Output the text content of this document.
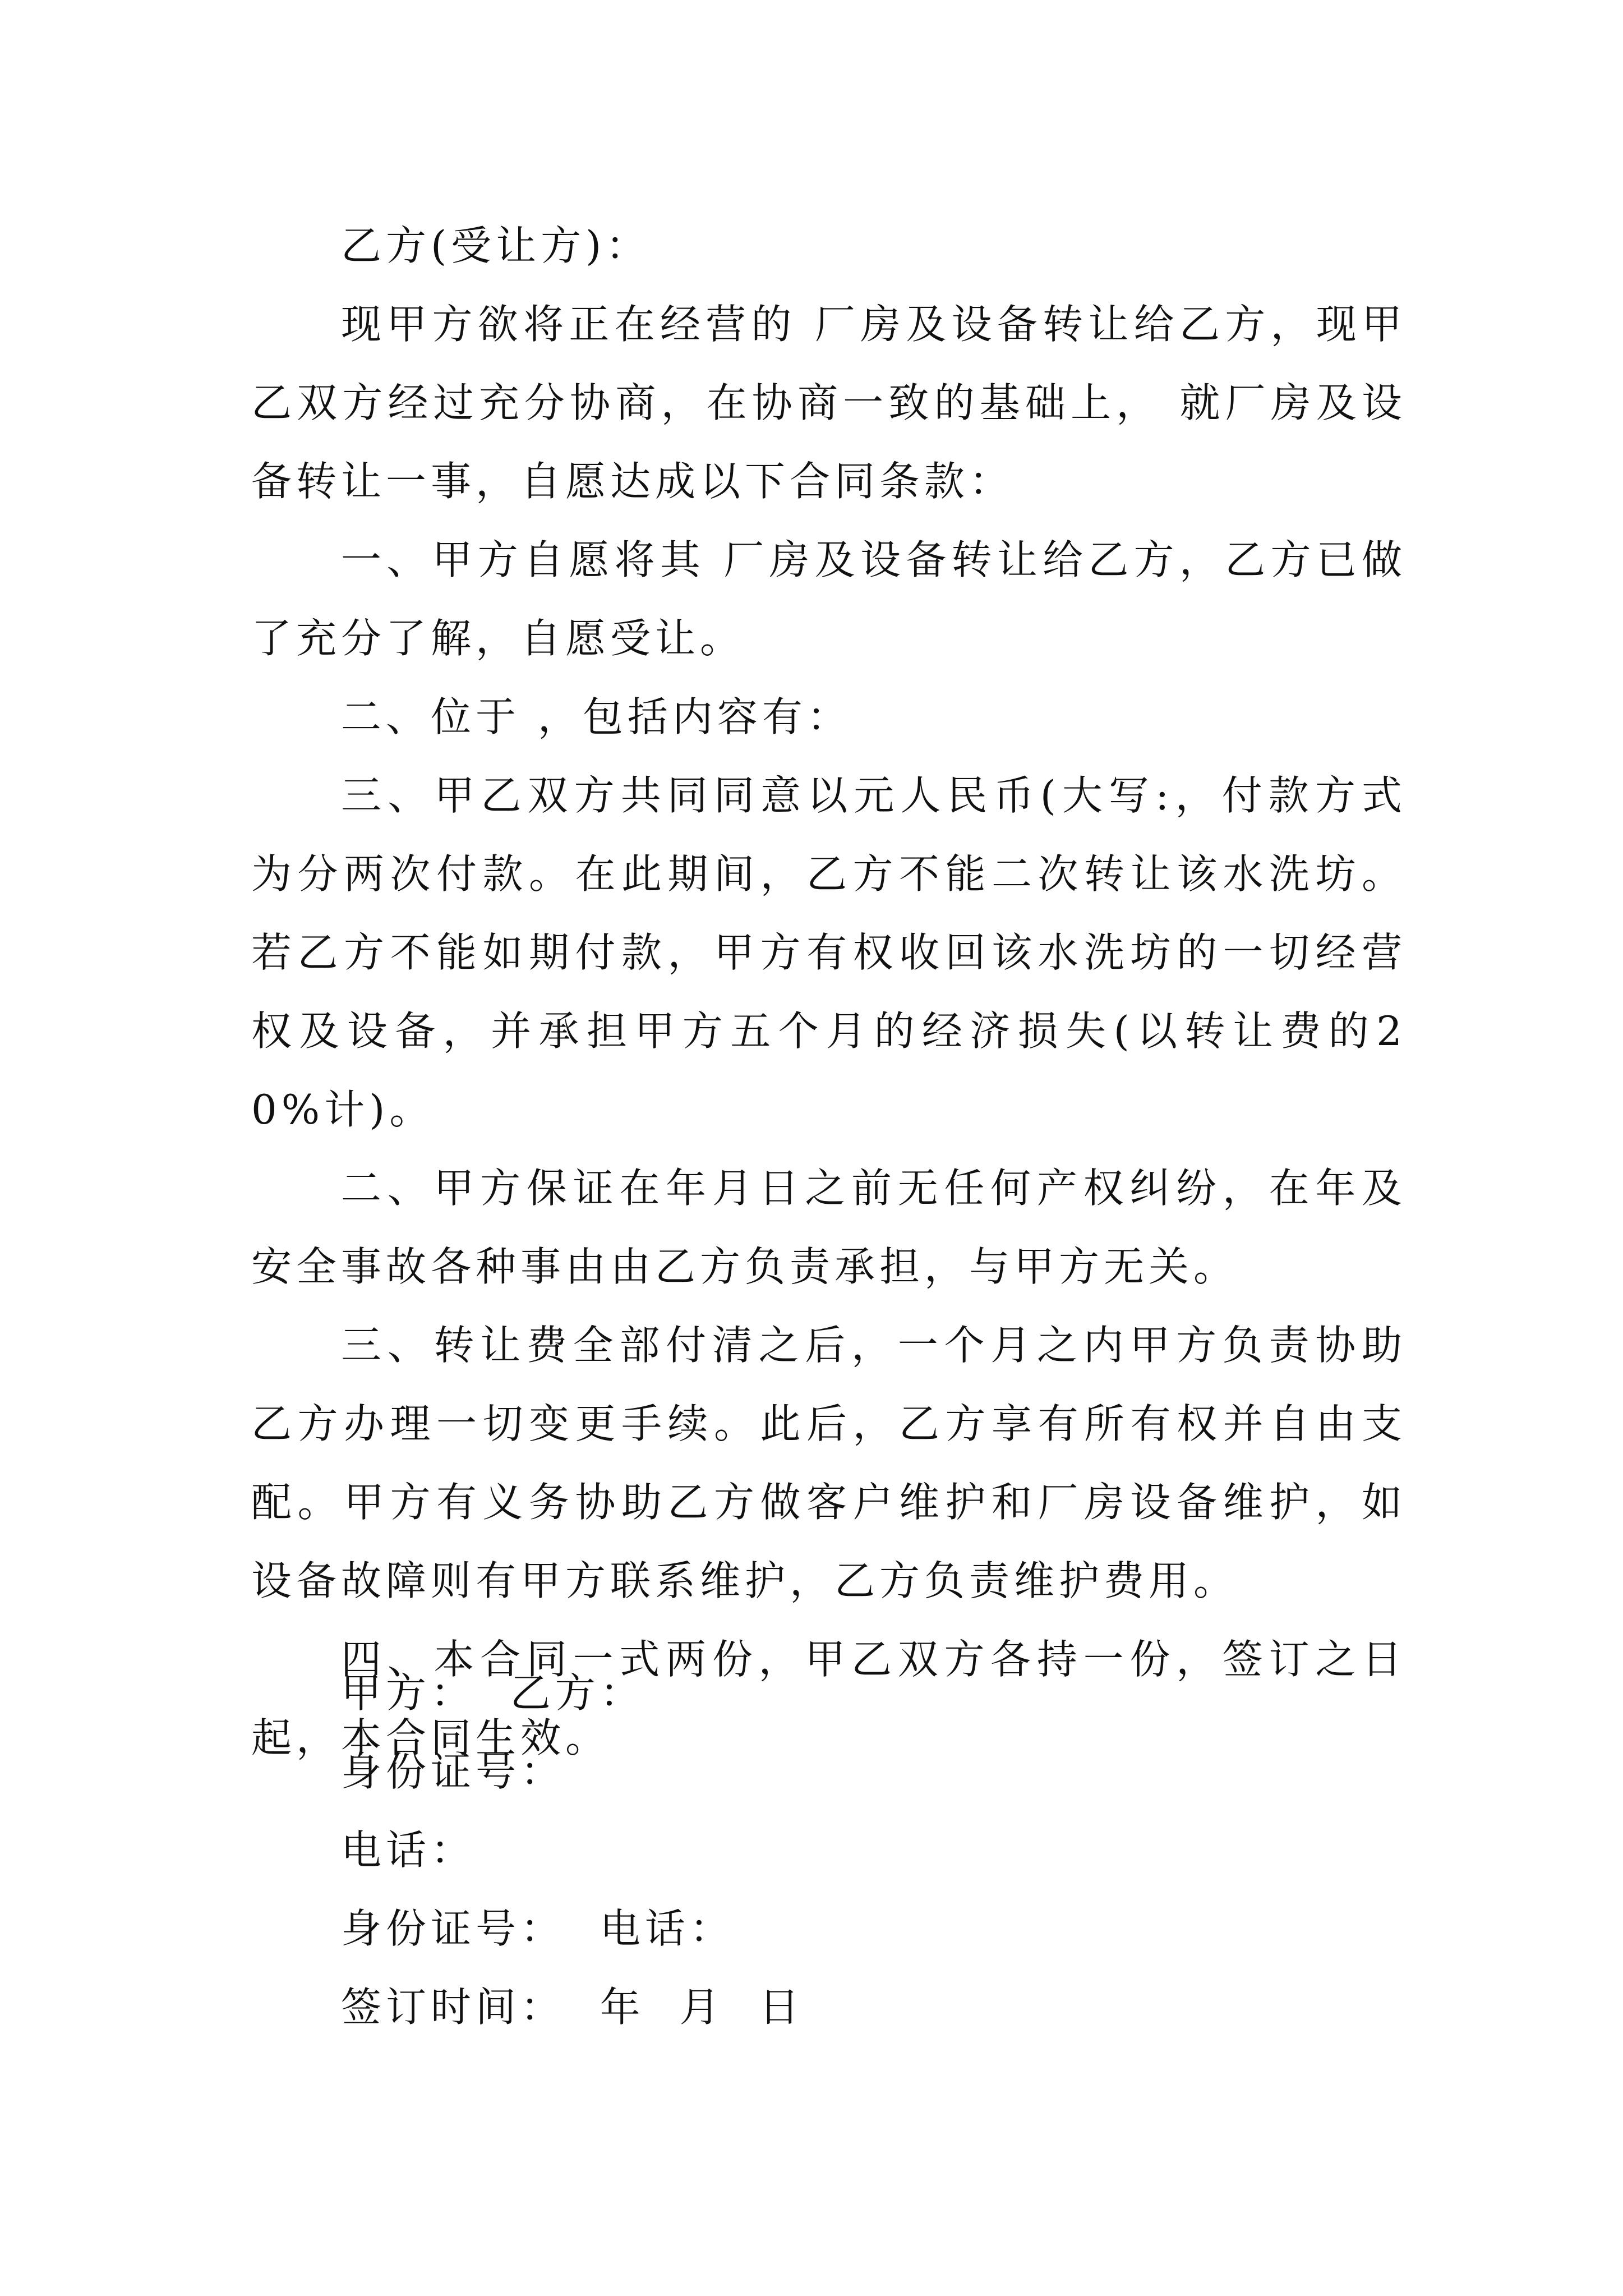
乙方(受让方)：

现甲方欲将正在经营的 厂房及设备转让给乙方，现甲乙双方经过充分协商，在协商一致的基础上， 就厂房及设备转让一事，自愿达成以下合同条款：

一、甲方自愿将其 厂房及设备转让给乙方，乙方已做了充分了解，自愿受让。

二、位于 ，包括内容有：

三、甲乙双方共同同意以元人民币(大写:，付款方式为分两次付款。在此期间，乙方不能二次转让该水洗坊。若乙方不能如期付款，甲方有权收回该水洗坊的一切经营权及设备，并承担甲方五个月的经济损失(以转让费的20%计)。

二、甲方保证在年月日之前无任何产权纠纷，在年及安全事故各种事由由乙方负责承担，与甲方无关。

三、转让费全部付清之后，一个月之内甲方负责协助乙方办理一切变更手续。此后，乙方享有所有权并自由支配。甲方有义务协助乙方做客户维护和厂房设备维护，如设备故障则有甲方联系维护，乙方负责维护费用。

四、本合同一式两份，甲乙双方各持一份，签订之日起，本合同生效。

甲方：  乙方：

身份证号：

电话：

身份证号：  电话：

签订时间：  年  月  日
